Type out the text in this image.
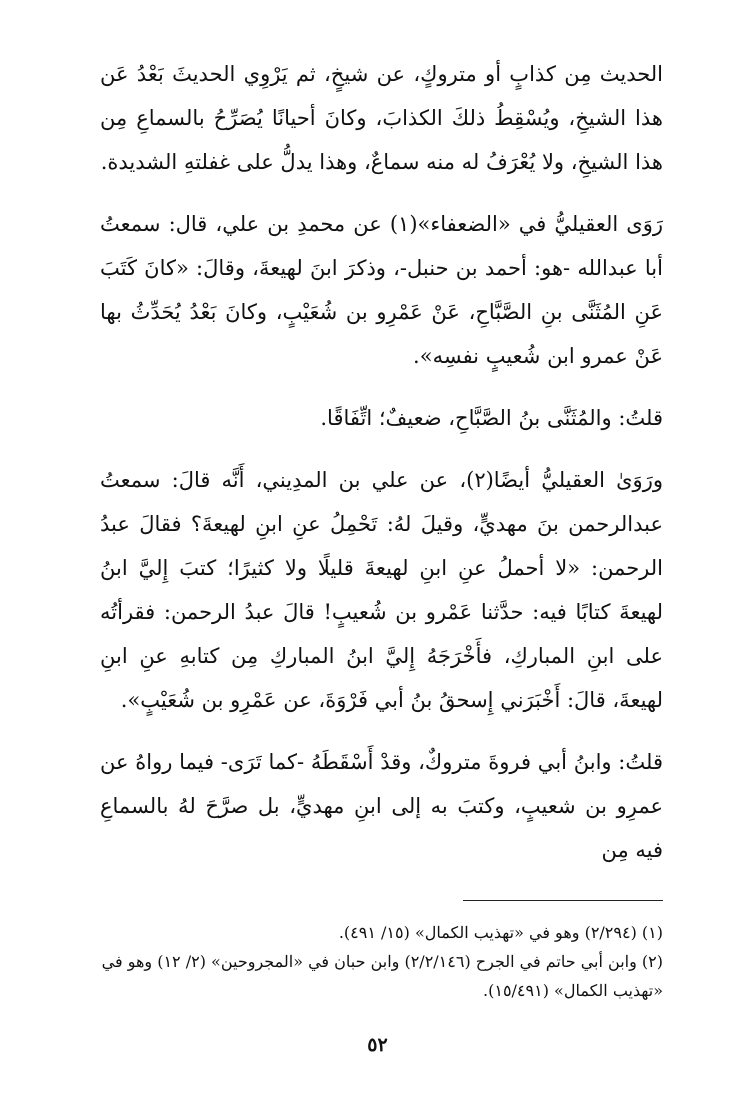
الحديث مِن كذابٍ أو متروكٍ، عن شيخٍ، ثم يَرْوِي الحديثَ بَعْدُ عَن هذا الشيخِ، ويُسْقِطُ ذلكَ الكذابَ، وكانَ أحيانًا يُصَرِّحُ بالسماعِ مِن هذا الشيخِ، ولا يُعْرَفُ له منه سماعٌ، وهذا يدلُّ على غفلتهِ الشديدة.

رَوَى العقيليُّ في «الضعفاء»(١) عن محمدِ بن علي، قال: سمعتُ أبا عبدالله -هو: أحمد بن حنبل-، وذكرَ ابنَ لهيعةَ، وقالَ: «كانَ كَتَبَ عَنِ المُثَنَّى بنِ الصَّبَّاحِ، عَنْ عَمْرِو بن شُعَيْبٍ، وكانَ بَعْدُ يُحَدِّثُ بها عَنْ عمرو ابن شُعيبٍ نفسِه».

قلتُ: والمُثَنَّى بنُ الصَّبَّاحِ، ضعيفٌ؛ اتِّفَاقًا.

ورَوَىٰ العقيليُّ أيضًا(٢)، عن علي بن المدِيني، أَنَّه قالَ: سمعتُ عبدالرحمن بنَ مهديٍّ، وقيلَ لهُ: تَحْمِلُ عنِ ابنِ لهيعةَ؟ فقالَ عبدُ الرحمن: «لا أحملُ عنِ ابنِ لهيعةَ قليلًا ولا كثيرًا؛ كتبَ إِليَّ ابنُ لهيعةَ كتابًا فيه: حدَّثنا عَمْرو بن شُعيبٍ! قالَ عبدُ الرحمن: فقرأتُه على ابنِ المباركِ، فأَخْرَجَهُ إِليَّ ابنُ المباركِ مِن كتابهِ عنِ ابنِ لهيعةَ، قالَ: أَخْبَرَني إِسحقُ بنُ أبي فَرْوَةَ، عن عَمْرِو بن شُعَيْبٍ».

قلتُ: وابنُ أبي فروةَ متروكٌ، وقدْ أَسْقَطَهُ -كما تَرَى- فيما رواهُ عن عمرِو بن شعيبٍ، وكتبَ به إلى ابنِ مهديٍّ، بل صرَّحَ لهُ بالسماعِ فيه مِن

(١) (٢/٢٩٤) وهو في «تهذيب الكمال» (١٥/ ٤٩١).

(٢) وابن أبي حاتم في الجرح (٢/٢/١٤٦) وابن حبان في «المجروحين» (٢/ ١٢) وهو في «تهذيب الكمال» (١٥/٤٩١).

٥٢
